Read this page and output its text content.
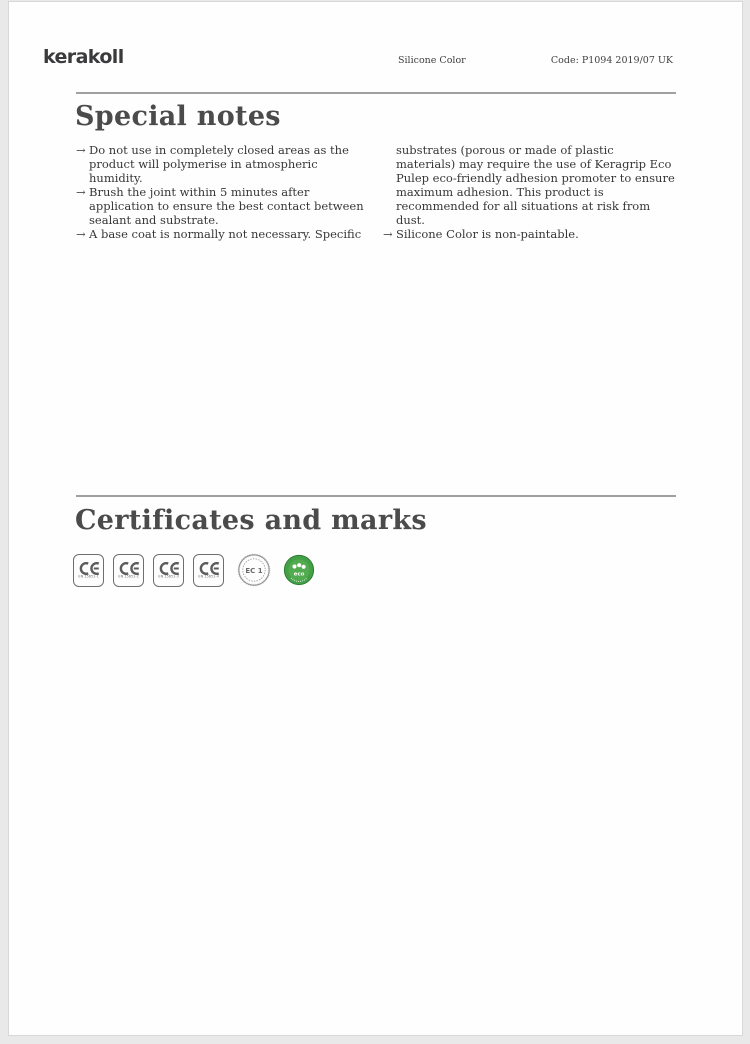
kerakoll	Silicone Color	Code: P1094 2019/07 UK
Special notes
→ Do not use in completely closed areas as the product will polymerise in atmospheric humidity.
→ Brush the joint within 5 minutes after application to ensure the best contact between sealant and substrate.
→ A base coat is normally not necessary. Specific
substrates (porous or made of plastic materials) may require the use of Keragrip Eco Pulep eco-friendly adhesion promoter to ensure maximum adhesion. This product is recommended for all situations at risk from dust.
→ Silicone Color is non-paintable.
Certificates and marks
EN 15651-1	EN 15651-2	EN 15651-3	EN 15651-4
EC 1	eco
